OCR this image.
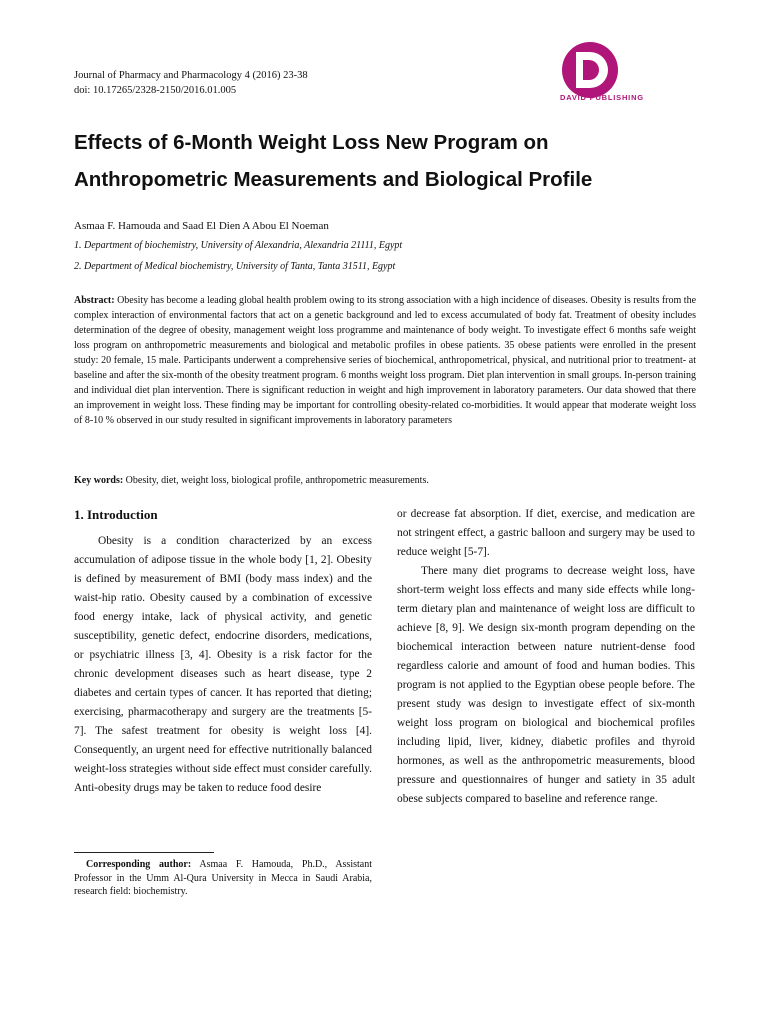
Journal of Pharmacy and Pharmacology 4 (2016) 23-38
doi: 10.17265/2328-2150/2016.01.005
DAVID PUBLISHING
Effects of 6-Month Weight Loss New Program on
Anthropometric Measurements and Biological Profile
Asmaa F. Hamouda and Saad El Dien A Abou El Noeman
1. Department of biochemistry, University of Alexandria, Alexandria 21111, Egypt
2. Department of Medical biochemistry, University of Tanta, Tanta 31511, Egypt
Abstract: Obesity has become a leading global health problem owing to its strong association with a high incidence of diseases. Obesity is results from the complex interaction of environmental factors that act on a genetic background and led to excess accumulated of body fat. Treatment of obesity includes determination of the degree of obesity, management weight loss programme and maintenance of body weight. To investigate effect 6 months safe weight loss program on anthropometric measurements and biological and metabolic profiles in obese patients. 35 obese patients were enrolled in the present study: 20 female, 15 male. Participants underwent a comprehensive series of biochemical, anthropometrical, physical, and nutritional prior to treatment- at baseline and after the six-month of the obesity treatment program. 6 months weight loss program. Diet plan intervention in small groups. In-person training and individual diet plan intervention. There is significant reduction in weight and high improvement in laboratory parameters. Our data showed that there an improvement in weight loss. These finding may be important for controlling obesity-related co-morbidities. It would appear that moderate weight loss of 8-10 % observed in our study resulted in significant improvements in laboratory parameters
Key words: Obesity, diet, weight loss, biological profile, anthropometric measurements.
1. Introduction

Obesity is a condition characterized by an excess accumulation of adipose tissue in the whole body [1, 2]. Obesity is defined by measurement of BMI (body mass index) and the waist-hip ratio. Obesity caused by a combination of excessive food energy intake, lack of physical activity, and genetic susceptibility, genetic defect, endocrine disorders, medications, or psychiatric illness [3, 4]. Obesity is a risk factor for the chronic development diseases such as heart disease, type 2 diabetes and certain types of cancer. It has reported that dieting; exercising, pharmacotherapy and surgery are the treatments [5-7]. The safest treatment for obesity is weight loss [4]. Consequently, an urgent need for effective nutritionally balanced weight-loss strategies without side effect must consider carefully. Anti-obesity drugs may be taken to reduce food desire

or decrease fat absorption. If diet, exercise, and medication are not stringent effect, a gastric balloon and surgery may be used to reduce weight [5-7].

There many diet programs to decrease weight loss, have short-term weight loss effects and many side effects while long-term dietary plan and maintenance of weight loss are difficult to achieve [8, 9]. We design six-month program depending on the biochemical interaction between nature nutrient-dense food regardless calorie and amount of food and human bodies. This program is not applied to the Egyptian obese people before. The present study was design to investigate effect of six-month weight loss program on biological and biochemical profiles including lipid, liver, kidney, diabetic profiles and thyroid hormones, as well as the anthropometric measurements, blood pressure and questionnaires of hunger and satiety in 35 adult obese subjects compared to baseline and reference range.

Corresponding author: Asmaa F. Hamouda, Ph.D., Assistant Professor in the Umm Al-Qura University in Mecca in Saudi Arabia, research field: biochemistry.
